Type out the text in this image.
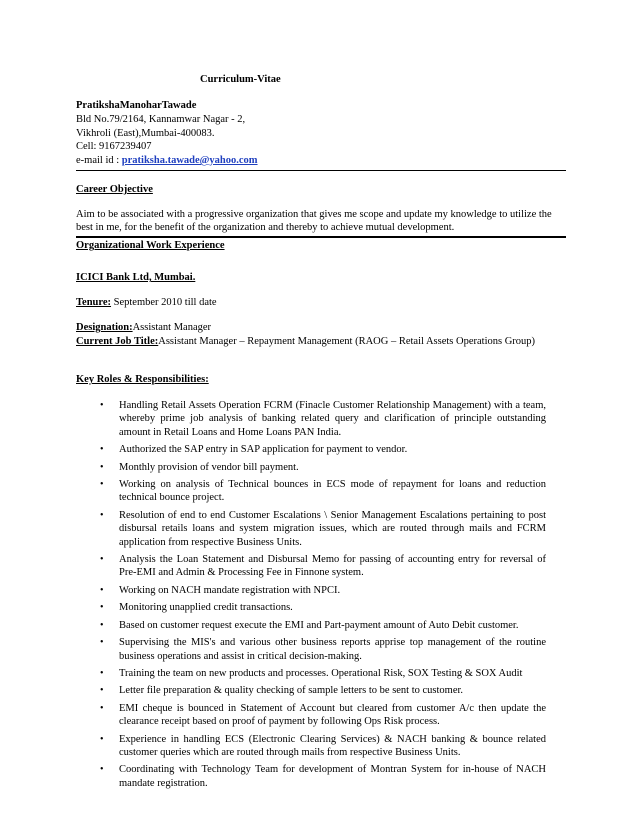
Curriculum-Vitae
PratikshaManoharTawade
Bld No.79/2164, Kannamwar Nagar - 2,
Vikhroli (East),Mumbai-400083.
Cell: 9167239407
e-mail id : pratiksha.tawade@yahoo.com
Career Objective
Aim to be associated with a progressive organization that gives me scope and update my knowledge to utilize the best in me, for the benefit of the organization and thereby to achieve mutual development.
Organizational Work Experience
ICICI Bank Ltd, Mumbai.
Tenure: September 2010 till date
Designation:Assistant Manager
Current Job Title:Assistant Manager – Repayment Management (RAOG – Retail Assets Operations Group)
Key Roles & Responsibilities:
• Handling Retail Assets Operation FCRM (Finacle Customer Relationship Management) with a team, whereby prime job analysis of banking related query and clarification of principle outstanding amount in Retail Loans and Home Loans PAN India.
• Authorized the SAP entry in SAP application for payment to vendor.
• Monthly provision of vendor bill payment.
• Working on analysis of Technical bounces in ECS mode of repayment for loans and reduction technical bounce project.
• Resolution of end to end Customer Escalations \ Senior Management Escalations pertaining to post disbursal retails loans and system migration issues, which are routed through mails and FCRM application from respective Business Units.
• Analysis the Loan Statement and Disbursal Memo for passing of accounting entry for reversal of Pre-EMI and Admin & Processing Fee in Finnone system.
• Working on NACH mandate registration with NPCI.
• Monitoring unapplied credit transactions.
• Based on customer request execute the EMI and Part-payment amount of Auto Debit customer.
• Supervising the MIS's and various other business reports apprise top management of the routine business operations and assist in critical decision-making.
• Training the team on new products and processes. Operational Risk, SOX Testing & SOX Audit
• Letter file preparation & quality checking of sample letters to be sent to customer.
• EMI cheque is bounced in Statement of Account but cleared from customer A/c then update the clearance receipt based on proof of payment by following Ops Risk process.
• Experience in handling ECS (Electronic Clearing Services) & NACH banking & bounce related customer queries which are routed through mails from respective Business Units.
• Coordinating with Technology Team for development of Montran System for in-house of NACH mandate registration.
